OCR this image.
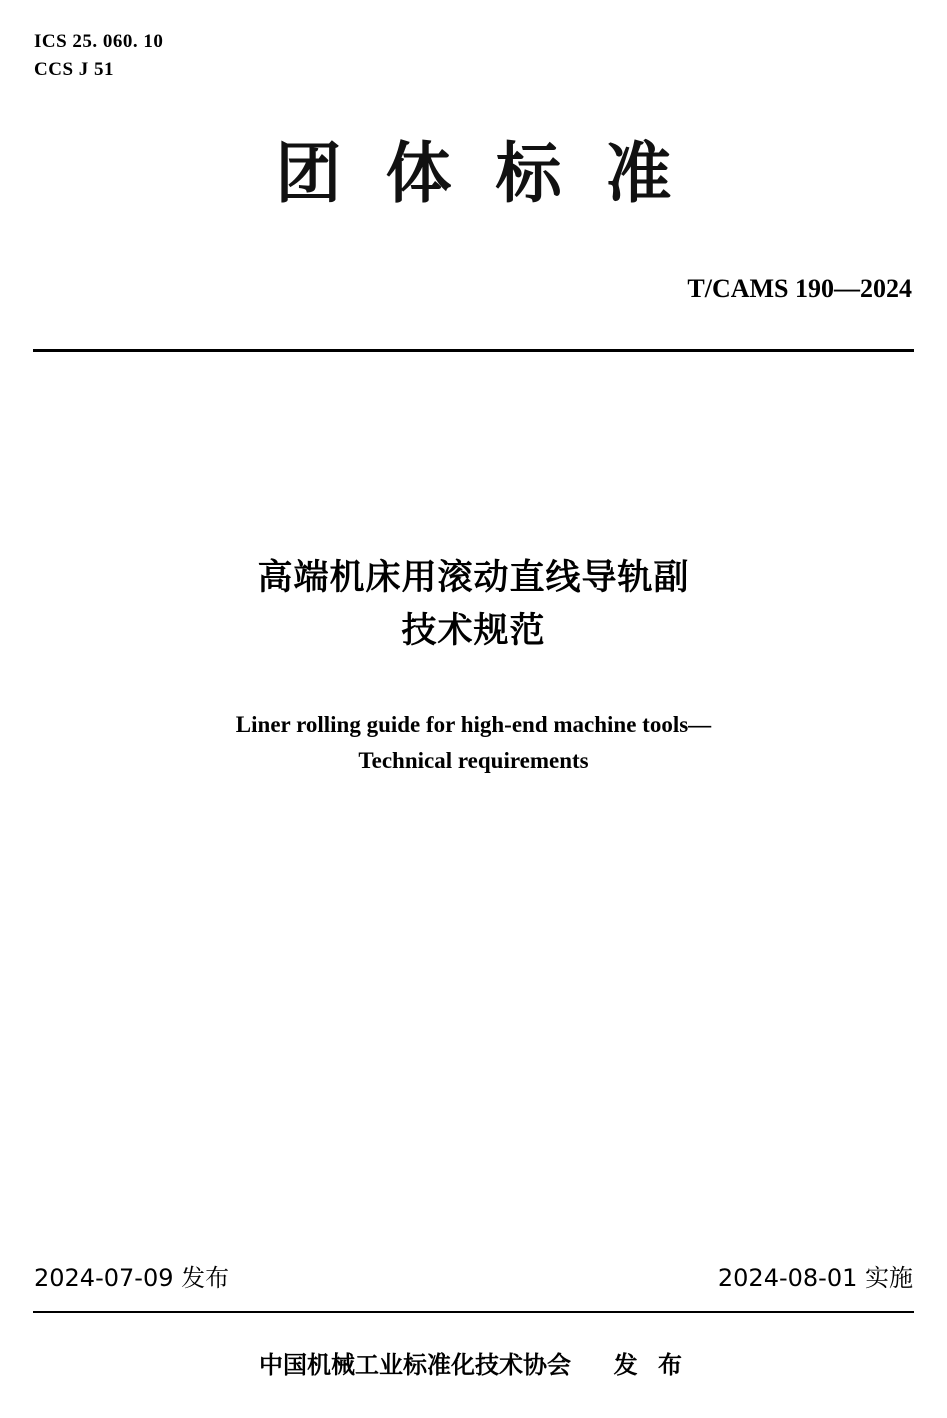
ICS 25. 060. 10
CCS J 51
团体标准
T/CAMS 190—2024
高端机床用滚动直线导轨副
技术规范
Liner rolling guide for high-end machine tools—
Technical requirements
2024-07-09 发布	2024-08-01 实施
中国机械工业标准化技术协会 发 布
